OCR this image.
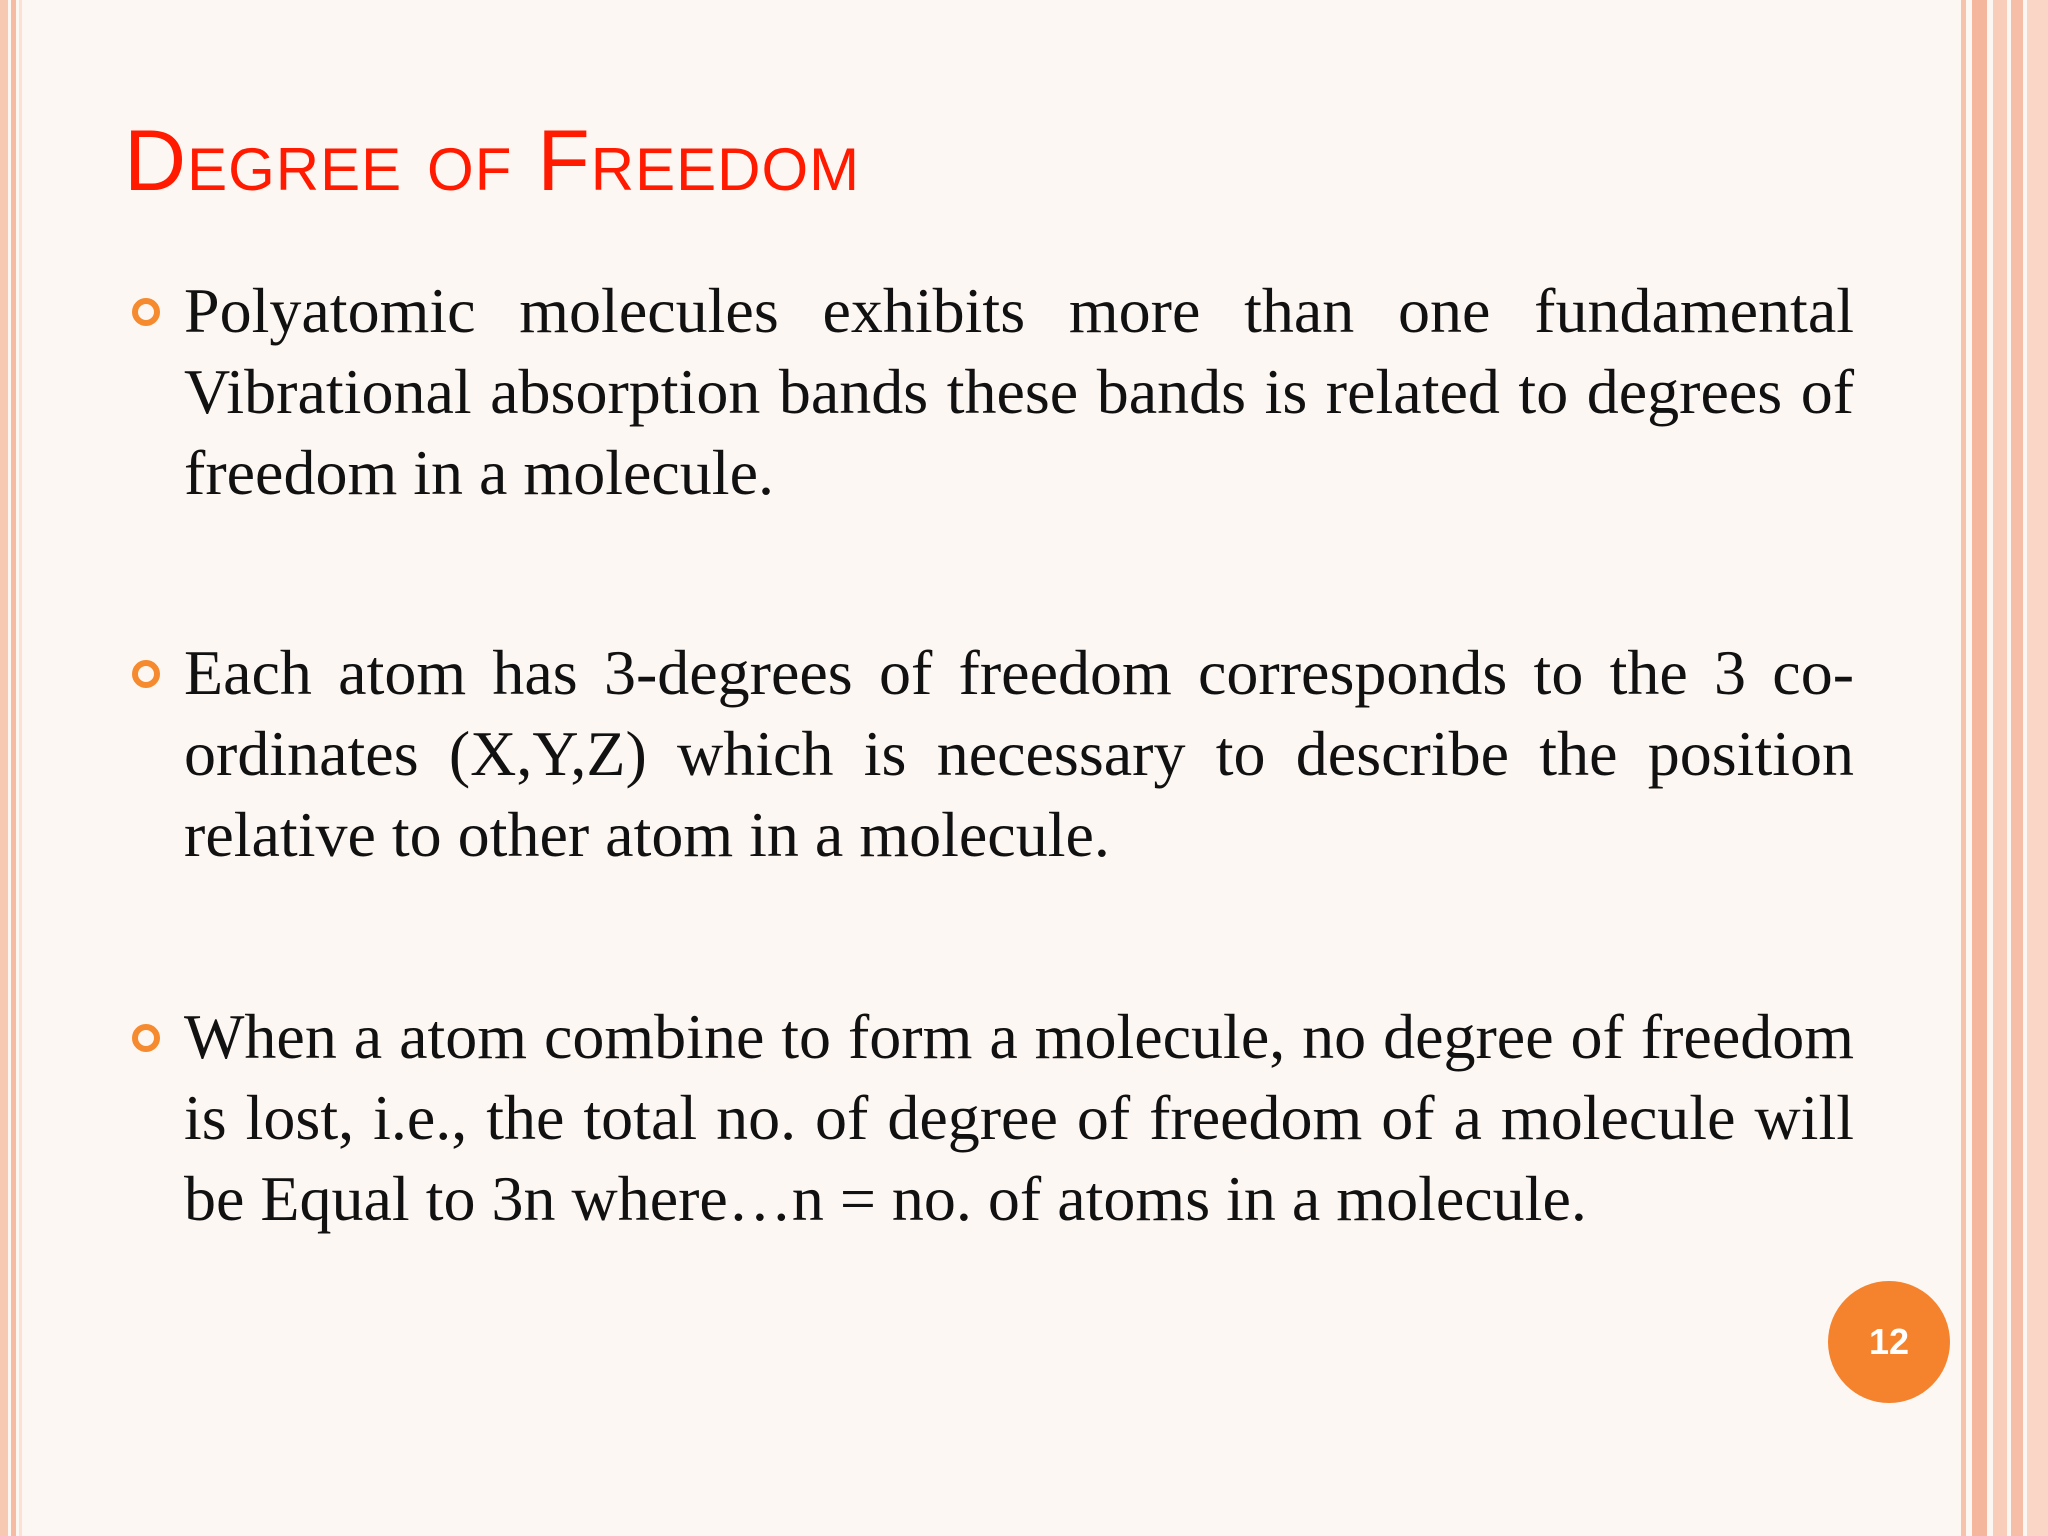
Degree of Freedom
Polyatomic molecules exhibits more than one fundamental Vibrational absorption bands these bands is related to degrees of freedom in a molecule.
Each atom has 3-degrees of freedom corresponds to the 3 co-ordinates (X,Y,Z) which is necessary to describe the position relative to other atom in a molecule.
When a atom combine to form a molecule, no degree of freedom is lost, i.e., the total no. of degree of freedom of a molecule will be Equal to 3n where…n = no. of atoms in a molecule.
12
